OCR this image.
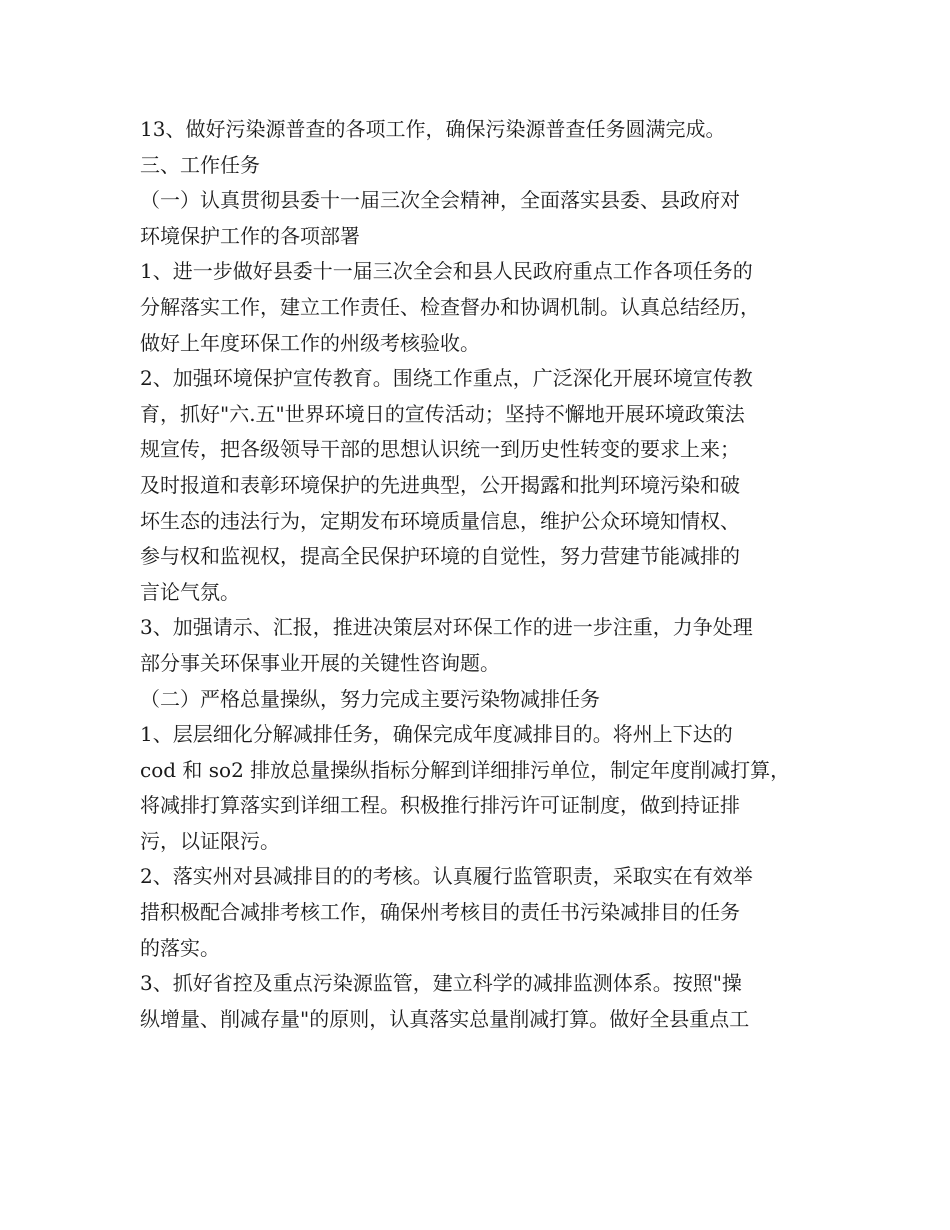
13、做好污染源普查的各项工作，确保污染源普查任务圆满完成。
三、工作任务
（一）认真贯彻县委十一届三次全会精神，全面落实县委、县政府对
环境保护工作的各项部署
1、进一步做好县委十一届三次全会和县人民政府重点工作各项任务的
分解落实工作，建立工作责任、检查督办和协调机制。认真总结经历，
做好上年度环保工作的州级考核验收。
2、加强环境保护宣传教育。围绕工作重点，广泛深化开展环境宣传教
育，抓好"六.五"世界环境日的宣传活动；坚持不懈地开展环境政策法
规宣传，把各级领导干部的思想认识统一到历史性转变的要求上来；
及时报道和表彰环境保护的先进典型，公开揭露和批判环境污染和破
坏生态的违法行为，定期发布环境质量信息，维护公众环境知情权、
参与权和监视权，提高全民保护环境的自觉性，努力营建节能减排的
言论气氛。
3、加强请示、汇报，推进决策层对环保工作的进一步注重，力争处理
部分事关环保事业开展的关键性咨询题。
（二）严格总量操纵，努力完成主要污染物减排任务
1、层层细化分解减排任务，确保完成年度减排目的。将州上下达的
cod 和 so2 排放总量操纵指标分解到详细排污单位，制定年度削减打算，
将减排打算落实到详细工程。积极推行排污许可证制度，做到持证排
污，以证限污。
2、落实州对县减排目的的考核。认真履行监管职责，采取实在有效举
措积极配合减排考核工作，确保州考核目的责任书污染减排目的任务
的落实。
3、抓好省控及重点污染源监管，建立科学的减排监测体系。按照"操
纵增量、削减存量"的原则，认真落实总量削减打算。做好全县重点工
